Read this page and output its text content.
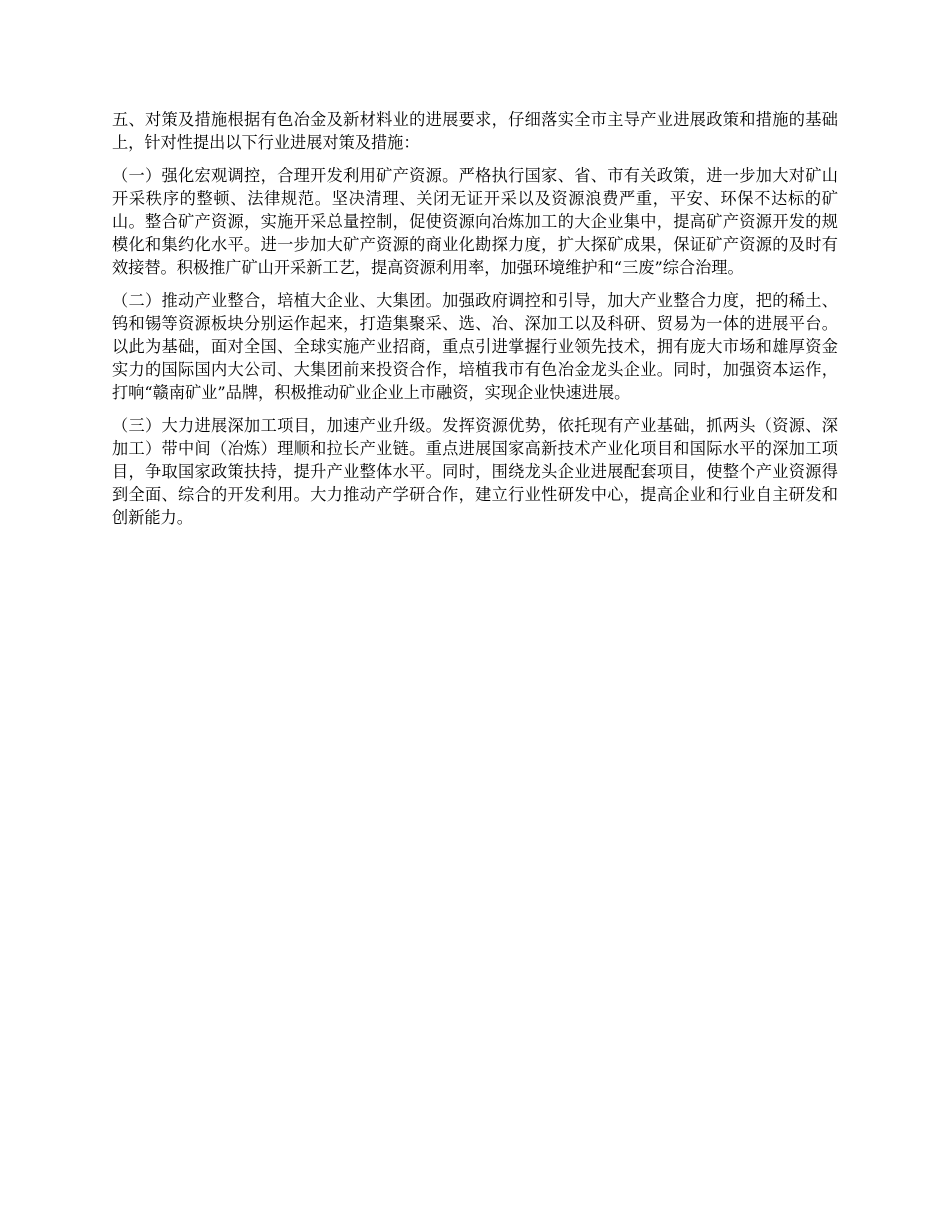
五、对策及措施根据有色冶金及新材料业的进展要求，仔细落实全市主导产业进展政策和措施的基础上，针对性提出以下行业进展对策及措施：

（一）强化宏观调控，合理开发利用矿产资源。严格执行国家、省、市有关政策，进一步加大对矿山开采秩序的整顿、法律规范。坚决清理、关闭无证开采以及资源浪费严重，平安、环保不达标的矿山。整合矿产资源，实施开采总量控制，促使资源向冶炼加工的大企业集中，提高矿产资源开发的规模化和集约化水平。进一步加大矿产资源的商业化勘探力度，扩大探矿成果，保证矿产资源的及时有效接替。积极推广矿山开采新工艺，提高资源利用率，加强环境维护和“三废”综合治理。

（二）推动产业整合，培植大企业、大集团。加强政府调控和引导，加大产业整合力度，把的稀土、钨和锡等资源板块分别运作起来，打造集聚采、选、冶、深加工以及科研、贸易为一体的进展平台。以此为基础，面对全国、全球实施产业招商，重点引进掌握行业领先技术，拥有庞大市场和雄厚资金实力的国际国内大公司、大集团前来投资合作，培植我市有色冶金龙头企业。同时，加强资本运作，打响“赣南矿业”品牌，积极推动矿业企业上市融资，实现企业快速进展。

（三）大力进展深加工项目，加速产业升级。发挥资源优势，依托现有产业基础，抓两头（资源、深加工）带中间（冶炼）理顺和拉长产业链。重点进展国家高新技术产业化项目和国际水平的深加工项目，争取国家政策扶持，提升产业整体水平。同时，围绕龙头企业进展配套项目，使整个产业资源得到全面、综合的开发利用。大力推动产学研合作，建立行业性研发中心，提高企业和行业自主研发和创新能力。
